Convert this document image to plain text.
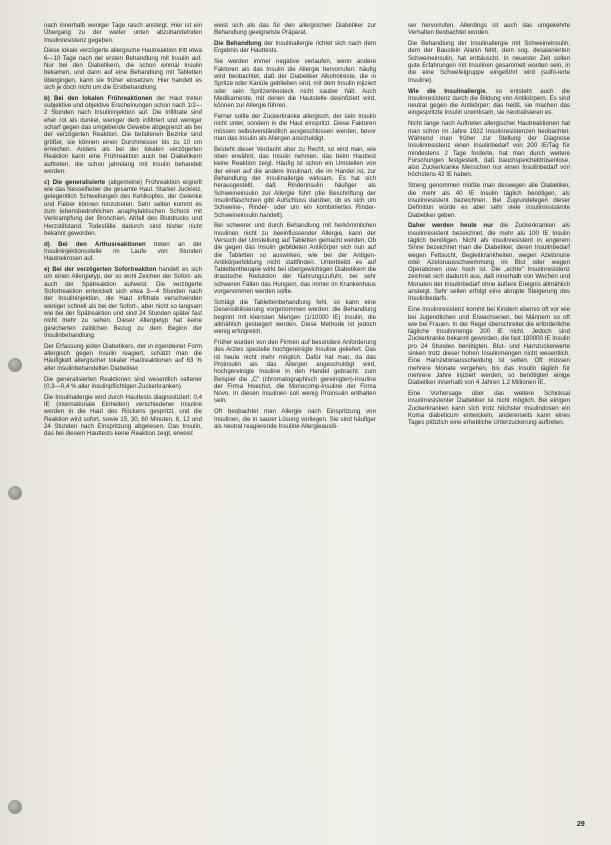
nach innerhalb weniger Tage rasch ansteigt. Hier ist ein Übergang zu der weiter unten abzuhandelnden Insulinresistenz gegeben.

Diese lokale verzögerte allergische Hautreaktion tritt etwa 6—10 Tage nach der ersten Behandlung mit Insulin auf. Nur bei den Diabetikern, die schon einmal Insulin bekamen, und dann auf eine Behandlung mit Tabletten übergingen, kann sie früher einsetzen. Hier handelt es sich je doch nicht um die Erstbehandlung.

b) Bei den lokalen Frühreaktionen der Haut treten subjektive und objektive Erscheinungen schon nach 1/2—2 Stunden nach Insulininjektion auf. Die Infiltrate sind eher rot als dunkel, weniger derb infiltriert und weniger scharf gegen das umgebende Gewebe abgegrenzt als bei der verzögerten Reaktion. Die befallenen Bezirke sind größer, sie können einen Durchmesser bis zu 10 cm erreichen. Anders als bei der lokalen verzögerten Reaktion kann eine Frühreaktion auch bei Diabetikern auftreten, die schon jahrelang mit Insulin behandelt werden.

c) Die generalisierte (allgemeine) Frühreaktion ergreift wie das Nesselfieber die gesamte Haut. Starker Juckreiz, gelegentlich Schwellungen des Kehlkopfes, der Gelenke und Fieber können hinzutreten. Sehr selten kommt es zum lebensbedrohlichen anaphylaktischen Schock mit Verkrampfung der Bronchien, Abfall des Blutdrucks und Herzstillstand. Todesfälle dadurch sind bisher nicht bekannt geworden.

d) Bei den Arthusreaktionen treten an der Insulininjektionsstelle im Laufe von Stunden Hautnekrosen auf.

e) Bei der verzögerten Sofortreaktion handelt es sich um einen Allergietyp, der so wohl Zeichen der Sofort- als auch der Spätreaktion aufweist. Die verzögerte Sofortreaktion entwickelt sich etwa 3—4 Stunden nach der Insulininjektion, die Haut infiltrate verschwinden weniger schnell als bei der Sofort-, aber nicht so langsam wie bei der Spätreaktion und sind 24 Stunden später fast nicht mehr zu sehen. Dieser Allergietyp hat keine gesicherten zeitlichen Bezug zu dem Beginn der Insulinbehandlung.

Der Erfassung jeden Diabetikers, der in irgendeiner Form allergisch gegen Insulin reagiert, schätzt man die Häufigkeit allergischer lokaler Hautreaktionen auf 63 % aller insulinbehandelten Diabetiker.

Die generalisierten Reaktionen sind wesentlich seltener (0,3—0,4 % aller insulinpflichtigen Zuckerkranken).

Die Insulinallergie wird durch Hauttests diagnostiziert: 0,4 IE (internationale Einheiten) verschiedener Insuline werden in die Haut des Rückens gespritzt, und die Reaktion wird sofort, sowie 15, 30, 60 Minuten, 6, 12 und 24 Stunden nach Einspritzung abgelesen. Das Insulin, das bei diesem Hauttests keine Reaktion zeigt, erweist

weist sich als das für den allergischen Diabetiker zur Behandlung geeignetste Präparat.

Die Behandlung der Insulinallergie richtet sich nach dem Ergebnis der Hauttests.

Sie werden immer negative verlaufen, wenn andere Faktoren als das Insulin die Allergie hervorrufen: häufig wird beobachtet, daß der Diabetiker Alkoholreste, die in Spritze oder Kanüle geblieben sind, mit dem Insulin injiziert oder sein Spritzenbesteck nicht sauber hält. Auch Medikamente, mit denen die Hautstelle desinfiziert wird, können zur Allergie führen.

Ferner sollte der Zuckerkranke allergisch, der sein Insulin nicht unter, sondern in die Haut einspritzt. Diese Faktoren müssen selbstverständlich ausgeschlossen werden, bevor man das Insulin als Allergen anschuldigt.

Besteht dieser Verdacht aber zu Recht, so wird man, wie oben erwähnt, das Insulin nehmen, das beim Hauttest keine Reaktion zeigt. Häufig ist schon ein Umstellen von der einen auf die andere Insulinart, die im Handel ist, zur Behandlung der Insulinallergie wirksam. Es hat sich herausgestellt, daß Rinderinsulin häufiger als Schweineinsulin zur Allergie führt (die Beschriftung der Insulinfläschchen gibt Aufschluss darüber, ob es sich um Schweine-, Rinder- oder um ein kombiniertes Rinder-Schweineinsulin handelt).

Bei schwerer und durch Behandlung mit herkömmlichen Insulinen nicht zu beeinflussender Allergie, kann der Versuch der Umstellung auf Tabletten gemacht werden. Ob die gegen das Insulin gebildeten Antikörper sich nun auf die Tabletten so auswirken, wie bei der Antigen-Antikörperbildung nicht stattfinden. Unterbleibt es auf Tablettentherapie wirkt bei übergewichtigen Diabetikern die drastische Reduktion der Nahrungszufuhr, bei sehr schweren Fällen das Hungern, das immer im Krankenhaus vorgenommen werden sollte.

Schlägt die Tablettenbehandlung fehl, so kann eine Desensibilisierung vorgenommen werden: die Behandlung beginnt mit kleinsten Mengen (1/10000 IE) Insulin, die allmählich gesteigert werden. Diese Methode ist jedoch wenig erfolgreich.

Früher wurden von den Firmen auf besondere Anforderung des Arztes spezielle hochgereinigte Insuline geliefert. Das ist heute nicht mehr möglich. Dafür hat man, da das Proinsulin als das Allergen angeschuldigt wird, hochgereinigte Insuline in den Handel gebracht: zum Beispiel die „C" (chromatographisch gereinigten)-Insuline der Firma Hoechst, die Monocomp-Insuline der Firma Novo. In diesen Insulinen soll wenig Proinsulin enthalten sein.

Oft beobachtet man Allergie nach Einspritzung von Insulinen, die in saurer Lösung vorliegen. Sie sind häufiger als neutral reagierende Insuline Allergieauslö-

ser hervorrufen. Allerdings ist auch das umgekehrte Verhalten beobachtet worden.

Die Behandlung der Insulinallergie mit Schweineinsulin, dem der Baustein Alanin fehlt, dem sog. desalanierten Schweineinsulin, hat enttäuscht. In neuester Zeit sollen gute Erfahrungen mit Insulinen gesammelt worden sein, in die eine Schwefelgruppe eingeführt wird (sulfo-ierte Insuline).

Wie die Insulinallergie, so entsteht auch die Insulinresistenz durch die Bildung von Antikörpern. Es sind neutral gegen die Antikörper; das heißt, sie machen das eingespritzte Insulin unwirksam, sie neutralisieren es.

Nicht lange nach Auftreten allergischer Hautreaktionen hat man schon im Jahre 1922 Insulinresistenzen beobachtet. Während man früher zur Stellung der Diagnose Insulinresistenz einen Insulinbedarf von 200 IE/Tag für mindestens 2 Tage forderte, hat man durch weitere Forschungen festgestellt, daß bauchspeicheldrüsenlose, also Zuckerkranke Menschen nur einen Insulinbedarf von höchstens 42 IE haben.

Streng genommen müßte man deswegen alle Diabetiker, die mehr als 40 IE Insulin täglich benötigen, als insulinresistent bezeichnen. Bei Zugrundelegen dieser Definition würde es aber sehr viele insulinresistente Diabetiker geben.

Daher werden heute nur die Zuckerkranken als insulinresistent bezeichnet, die mehr als 100 IE Insulin täglich benötigen. Nicht als insulinresistent in engerem Sinne bezeichnet man die Diabetiker, deren Insulinbedarf wegen Fettsucht, Begleitkrankheiten, wegen Azetonurie oder Azetonausschwemmung im Blut oder wegen Operationen usw. hoch ist. Die „echte" Insulinresistenz zeichnet sich dadurch aus, daß innerhalb von Wochen und Monaten der Insulinbedarf ohne äußere Ereignis allmählich ansteigt. Sehr selten erfolgt eine abrupte Steigerung des Insulinbedarfs.

Eine Insulinresistenz kommt bei Kindern ebenso oft vor wie bei Jugendlichen und Erwachsenen, bei Männern so oft wie bei Frauen. In der Regel überschreitet die erforderliche tägliche Insulinmenge 200 IE nicht. Jedoch sind Zuckerkranke bekannt geworden, die fast 180000 IE Insulin pro 24 Stunden benötigten. Blut- und Harnzuckerwerte sinken trotz dieser hohen Insulinmengen nicht wesentlich. Eine Harnzetonausscheidung ist selten. Oft müssen mehrere Monate vergehen, bis das Insulin täglich für mehrere Jahre injiziert werden, so benötigten einige Diabetiker innerhalb von 4 Jahren 1,2 Millionen IE.

Eine Vorhersage über das weitere Schicksal insulinresistenter Diabetiker ist nicht möglich. Bei einigen Zuckerkranken kann sich trotz höchster Insulindosen ein Koma diabeticum entwickeln, andererseits kann eines Tages plötzlich eine erhebliche Unterzuckerung auftreten.

29
